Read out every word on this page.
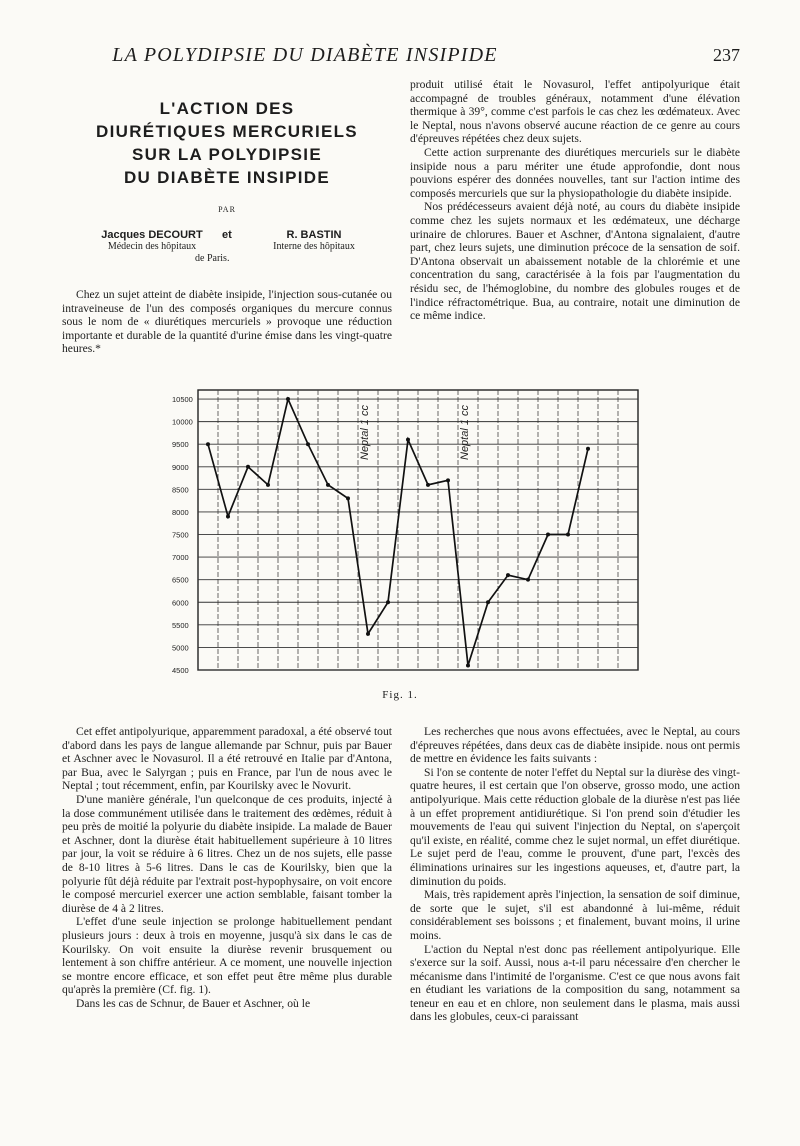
LA POLYDIPSIE DU DIABÈTE INSIPIDE	237
L'ACTION DES
DIURÉTIQUES MERCURIELS
SUR LA POLYDIPSIE
DU DIABÈTE INSIPIDE
PAR
Jacques DECOURT
Médecin des hôpitaux
et	R. BASTIN
Interne des hôpitaux
de Paris.

Chez un sujet atteint de diabète insipide, l'injection sous-cutanée ou intraveineuse de l'un des composés organiques du mercure connus sous le nom de « diurétiques mercuriels » provoque une réduction importante et durable de la quantité d'urine émise dans les vingt-quatre heures.*

produit utilisé était le Novasurol, l'effet antipolyurique était accompagné de troubles généraux, notamment d'une élévation thermique à 39°, comme c'est parfois le cas chez les œdémateux. Avec le Neptal, nous n'avons observé aucune réaction de ce genre au cours d'épreuves répétées chez deux sujets.

Cette action surprenante des diurétiques mercuriels sur le diabète insipide nous a paru mériter une étude approfondie, dont nous pouvions espérer des données nouvelles, tant sur l'action intime des composés mercuriels que sur la physiopathologie du diabète insipide.

Nos prédécesseurs avaient déjà noté, au cours du diabète insipide comme chez les sujets normaux et les œdémateux, une décharge urinaire de chlorures. Bauer et Aschner, d'Antona signalaient, d'autre part, chez leurs sujets, une diminution précoce de la sensation de soif. D'Antona observait un abaissement notable de la chlorémie et une concentration du sang, caractérisée à la fois par l'augmentation du résidu sec, de l'hémoglobine, du nombre des globules rouges et de l'indice réfractométrique. Bua, au contraire, notait une diminution de ce même indice.

10500
10000
9500
9000
8500
8000
7500
7000
6500
6000
5500
5000
4500
Neptal 1 cc	Neptal 1 cc
Fig. 1.

Cet effet antipolyurique, apparemment paradoxal, a été observé tout d'abord dans les pays de langue allemande par Schnur, puis par Bauer et Aschner avec le Novasurol. Il a été retrouvé en Italie par d'Antona, par Bua, avec le Salyrgan ; puis en France, par l'un de nous avec le Neptal ; tout récemment, enfin, par Kourilsky avec le Novurit.

D'une manière générale, l'un quelconque de ces produits, injecté à la dose communément utilisée dans le traitement des œdèmes, réduit à peu près de moitié la polyurie du diabète insipide. La malade de Bauer et Aschner, dont la diurèse était habituellement supérieure à 10 litres par jour, la voit se réduire à 6 litres. Chez un de nos sujets, elle passe de 8-10 litres à 5-6 litres. Dans le cas de Kourilsky, bien que la polyurie fût déjà réduite par l'extrait post-hypophysaire, on voit encore le composé mercuriel exercer une action semblable, faisant tomber la diurèse de 4 à 2 litres.

L'effet d'une seule injection se prolonge habituellement pendant plusieurs jours : deux à trois en moyenne, jusqu'à six dans le cas de Kourilsky. On voit ensuite la diurèse revenir brusquement ou lentement à son chiffre antérieur. A ce moment, une nouvelle injection se montre encore efficace, et son effet peut être même plus durable qu'après la première (Cf. fig. 1).

Dans les cas de Schnur, de Bauer et Aschner, où le

Les recherches que nous avons effectuées, avec le Neptal, au cours d'épreuves répétées, dans deux cas de diabète insipide. nous ont permis de mettre en évidence les faits suivants :

Si l'on se contente de noter l'effet du Neptal sur la diurèse des vingt-quatre heures, il est certain que l'on observe, grosso modo, une action antipolyurique. Mais cette réduction globale de la diurèse n'est pas liée à un effet proprement antidiurétique. Si l'on prend soin d'étudier les mouvements de l'eau qui suivent l'injection du Neptal, on s'aperçoit qu'il existe, en réalité, comme chez le sujet normal, un effet diurétique. Le sujet perd de l'eau, comme le prouvent, d'une part, l'excès des éliminations urinaires sur les ingestions aqueuses, et, d'autre part, la diminution du poids.

Mais, très rapidement après l'injection, la sensation de soif diminue, de sorte que le sujet, s'il est abandonné à lui-même, réduit considérablement ses boissons ; et finalement, buvant moins, il urine moins.

L'action du Neptal n'est donc pas réellement antipolyurique. Elle s'exerce sur la soif. Aussi, nous a-t-il paru nécessaire d'en chercher le mécanisme dans l'intimité de l'organisme. C'est ce que nous avons fait en étudiant les variations de la composition du sang, notamment sa teneur en eau et en chlore, non seulement dans le plasma, mais aussi dans les globules, ceux-ci paraissant
